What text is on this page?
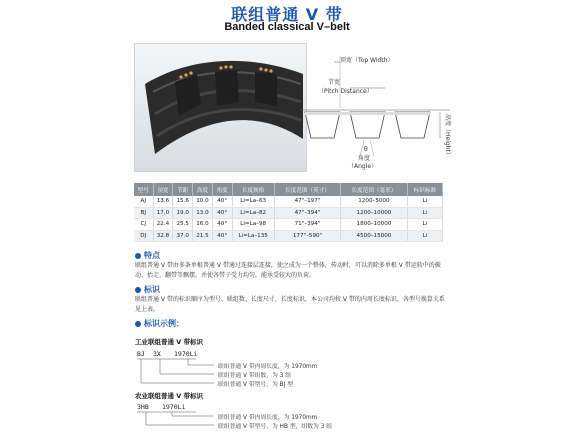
联组普通 V 带
Banded classical V–belt
顶宽（Top Width）
节宽
（Pitch Distance）
高度（Height）
θ
角度
（Angle）
型号	顶宽	节距	高度	角度	长度规格	长度范围（英寸）	长度范围（毫米）	标识标准
AJ	13.6	15.6	10.0	40°	Li=La–63	47"–197"	1200–5000	Li
BJ	17.0	19.0	13.0	40°	Li=La–82	47"–394"	1200–10000	Li
CJ	22.4	25.5	16.0	40°	Li=La–98	71"–394"	1800–10000	Li
DJ	32.8	37.0	21.5	40°	Li=La–135	177"–590"	4500–15000	Li
特点
联组普通 V 带由多条单根普通 V 带通过连接层连接，使之成为一个整体，传动时，可以消除多单根 V 带运转中的振动、抬走、翻带等飘摆，并使各带子受力均匀，能承受较大的负荷。
标识
联组普通 V 带的标识顺序为型号、联组数、长度尺寸，长度标识，本公司均按 V 带的内周长度标识，各型号换算关系见上表。
标识示例：
工业联组普通 V 带标识
BJ 3X 1970Li
联组普通 V 带内周长度，为 1970mm
联组普通 V 带组数，为 3 组
联组普通 V 带型号，为 BJ 型
农业联组普通 V 带标识
3HB 1970Li
联组普通 V 带内周长度，为 1970mm
联组普通 V 带型号，为 HB 型，组数为 3 组
